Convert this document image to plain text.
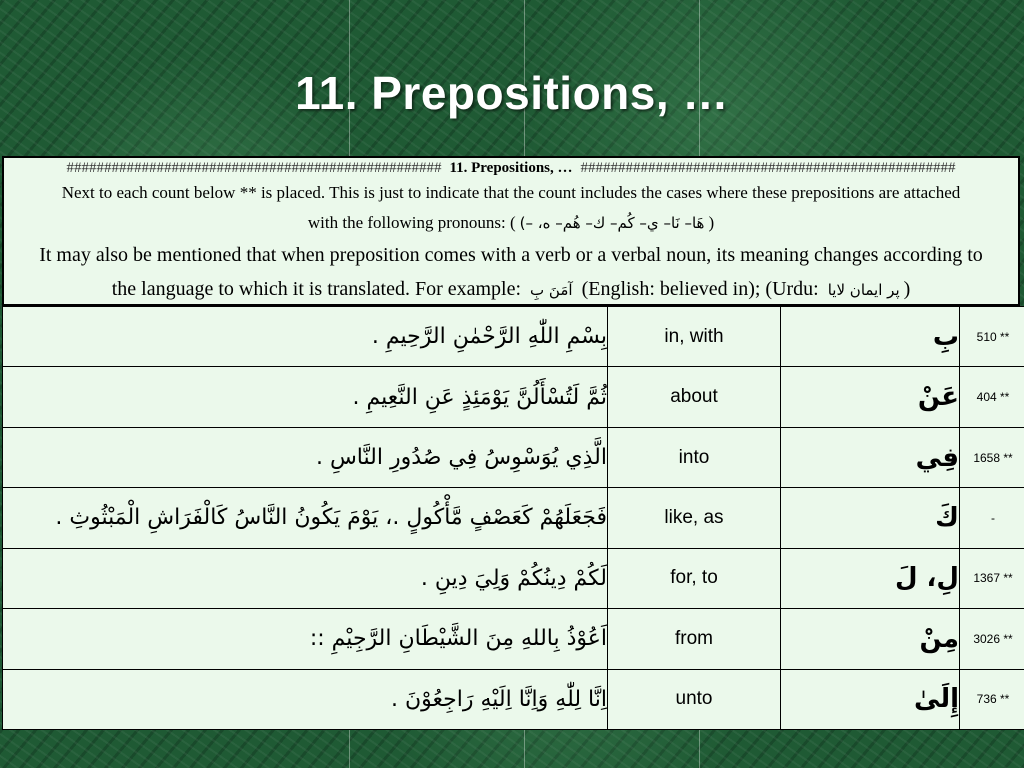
11. Prepositions, …
################################################## 11. Prepositions, … ##################################################
Next to each count below ** is placed. This is just to indicate that the count includes the cases where these prepositions are attached
with the following pronouns: ( هَا– نَا– ي– كُم– ك– هُم– ه، –) )
It may also be mentioned that when preposition comes with a verb or a verbal noun, its meaning changes according to
the language to which it is translated. For example: آمَنَ بِ (English: believed in); (Urdu: پر ایمان لایا )
بِسْمِ اللّٰهِ الرَّحْمٰنِ الرَّحِيمِ .	in, with	بِ	510 **
ثُمَّ لَتُسْأَلُنَّ يَوْمَئِذٍ عَنِ النَّعِيمِ .	about	عَنْ	404 **
الَّذِي يُوَسْوِسُ فِي صُدُورِ النَّاسِ .	into	فِي	1658 **
فَجَعَلَهُمْ كَعَصْفٍ مَّأْكُولٍ .، يَوْمَ يَكُونُ النَّاسُ كَالْفَرَاشِ الْمَبْثُوثِ .	like, as	كَ	-
لَكُمْ دِينُكُمْ وَلِيَ دِينِ .	for, to	لِ، لَ	1367 **
اَعُوْذُ بِاللهِ مِنَ الشَّيْطَانِ الرَّجِيْمِ ::	from	مِنْ	3026 **
اِنَّا لِلّٰهِ وَاِنَّا اِلَيْهِ رَاجِعُوْنَ .	unto	إِلَىٰ	736 **
